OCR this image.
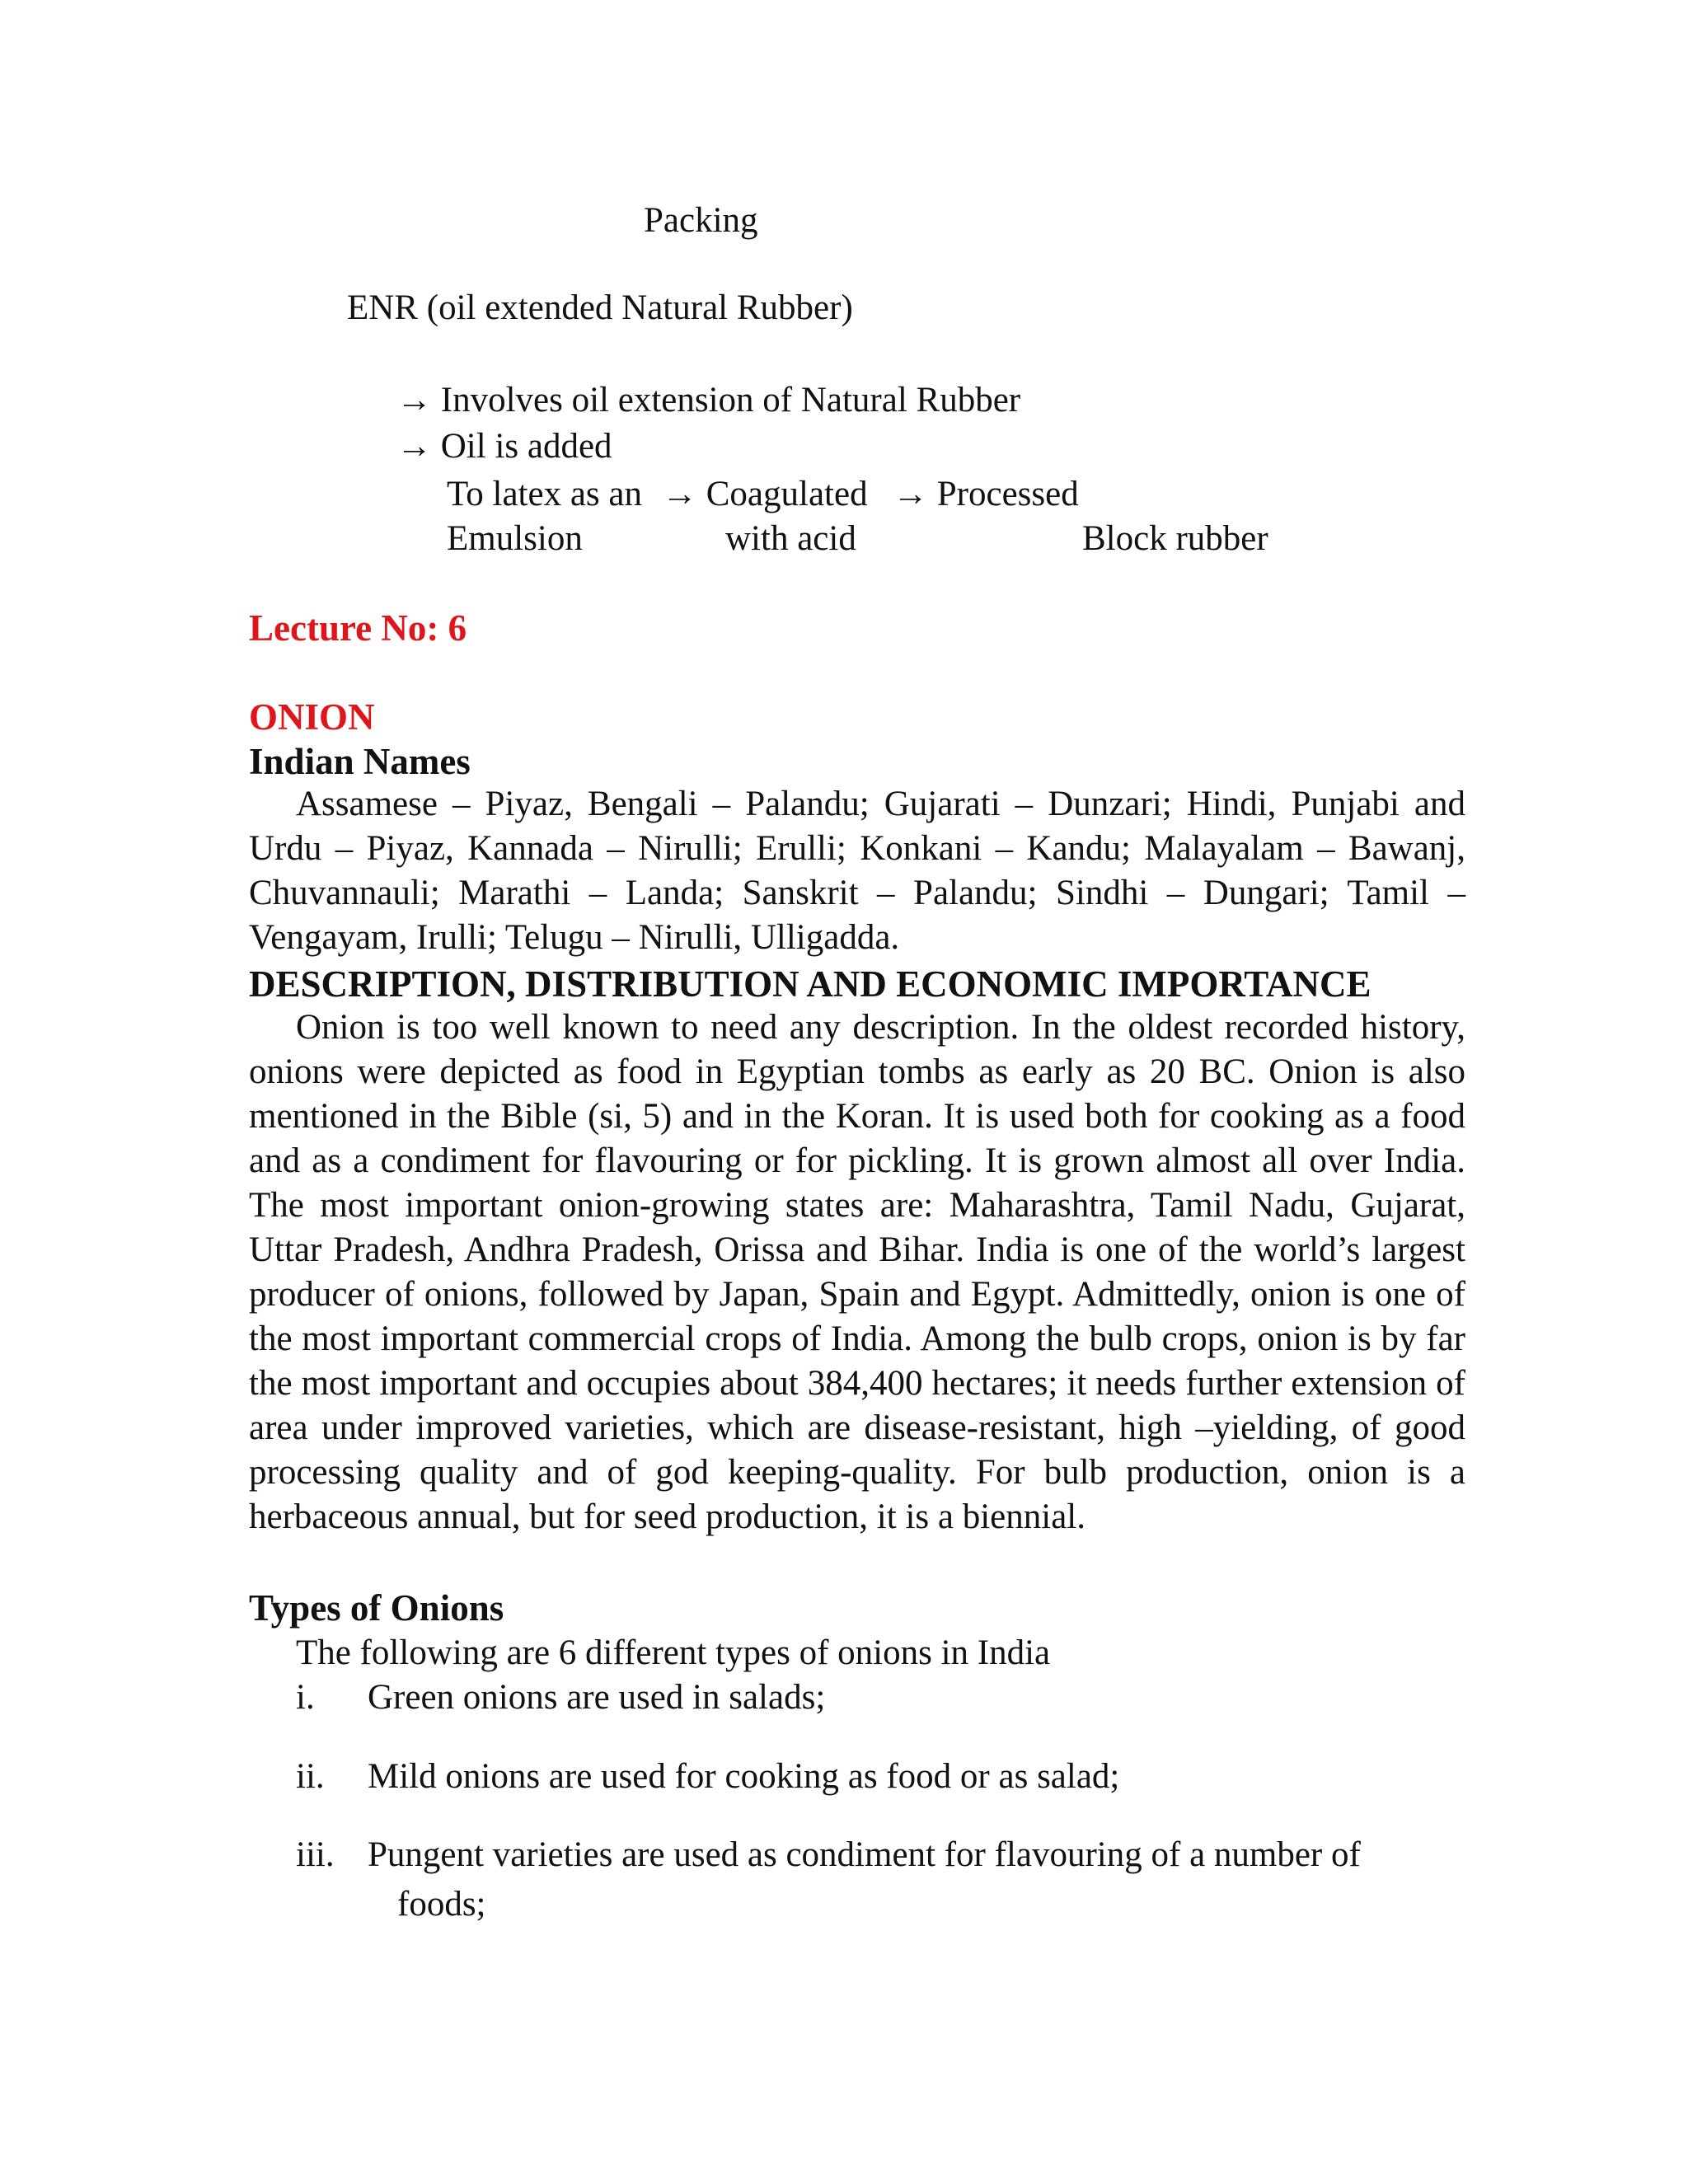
Packing
ENR (oil extended Natural Rubber)
→ Involves oil extension of Natural Rubber
→ Oil is added
To latex as an → Coagulated → Processed
Emulsion	with acid	Block rubber
Lecture No: 6
ONION
Indian Names

Assamese – Piyaz, Bengali – Palandu; Gujarati – Dunzari; Hindi, Punjabi and Urdu – Piyaz, Kannada – Nirulli; Erulli; Konkani – Kandu; Malayalam – Bawanj, Chuvannauli; Marathi – Landa; Sanskrit – Palandu; Sindhi – Dungari; Tamil – Vengayam, Irulli; Telugu – Nirulli, Ulligadda.

DESCRIPTION, DISTRIBUTION AND ECONOMIC IMPORTANCE

Onion is too well known to need any description. In the oldest recorded history, onions were depicted as food in Egyptian tombs as early as 20 BC. Onion is also mentioned in the Bible (si, 5) and in the Koran. It is used both for cooking as a food and as a condiment for flavouring or for pickling. It is grown almost all over India. The most important onion-growing states are: Maharashtra, Tamil Nadu, Gujarat, Uttar Pradesh, Andhra Pradesh, Orissa and Bihar. India is one of the world’s largest producer of onions, followed by Japan, Spain and Egypt. Admittedly, onion is one of the most important commercial crops of India. Among the bulb crops, onion is by far the most important and occupies about 384,400 hectares; it needs further extension of area under improved varieties, which are disease-resistant, high –yielding, of good processing quality and of god keeping-quality. For bulb production, onion is a herbaceous annual, but for seed production, it is a biennial.

Types of Onions
The following are 6 different types of onions in India
i. Green onions are used in salads;
ii. Mild onions are used for cooking as food or as salad;
iii. Pungent varieties are used as condiment for flavouring of a number of
foods;
